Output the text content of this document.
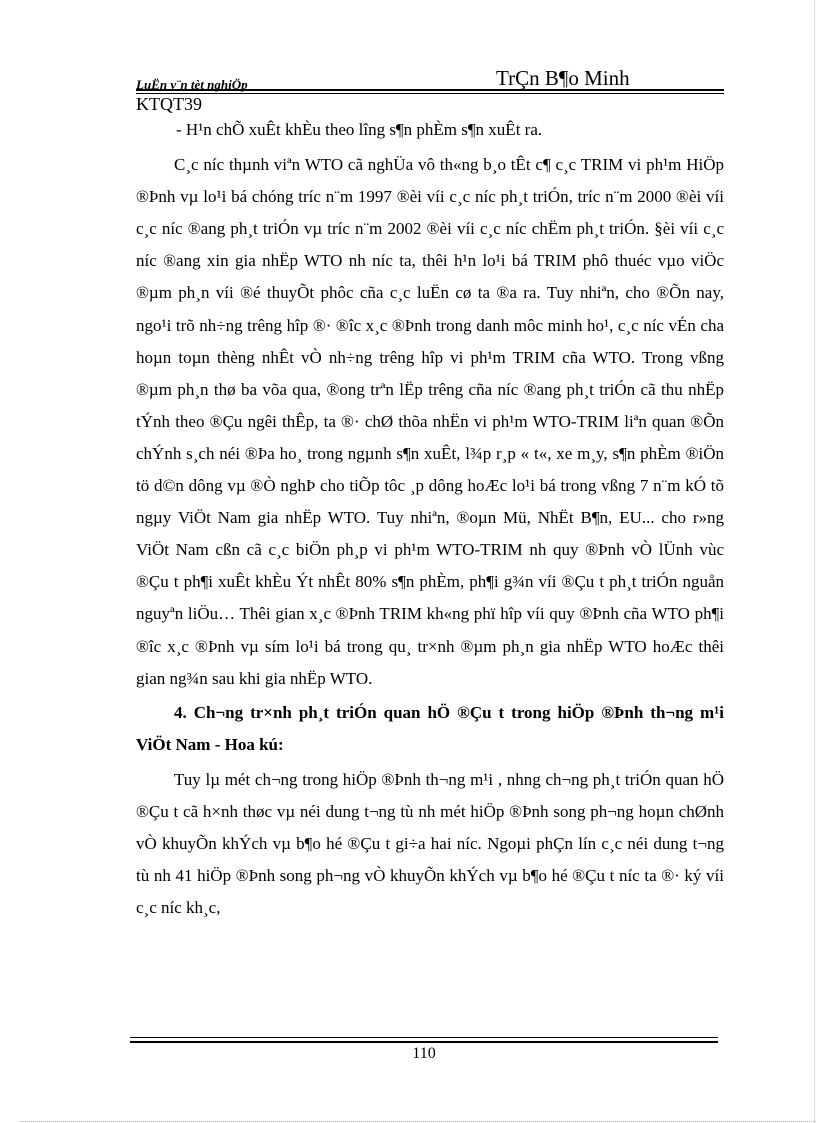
LuËn v¨n tèt nghiÖp	TrÇn B¶o Minh
KTQT39

- H¹n chÕ xuÊt khÈu theo lîng s¶n phÈm s¶n xuÊt ra.

C¸c níc thµnh viªn WTO cã nghÜa vô th«ng b¸o tÊt c¶ c¸c TRIM vi ph¹m HiÖp ®Þnh vµ lo¹i bá chóng tríc n¨m 1997 ®èi víi c¸c níc ph¸t triÓn, tríc n¨m 2000 ®èi víi c¸c níc ®ang ph¸t triÓn vµ tríc n¨m 2002 ®èi víi c¸c níc chËm ph¸t triÓn. §èi víi c¸c níc ®ang xin gia nhËp WTO nh níc ta, thêi h¹n lo¹i bá TRIM phô thuéc vµo viÖc ®µm ph¸n víi ®é thuyÕt phôc cña c¸c luËn cø ta ®a ra. Tuy nhiªn, cho ®Õn nay, ngo¹i trõ nh÷ng trêng hîp ®· ®îc x¸c ®Þnh trong danh môc minh ho¹, c¸c níc vÉn cha hoµn toµn thèng nhÊt vÒ nh÷ng trêng hîp vi ph¹m TRIM cña WTO. Trong vßng ®µm ph¸n thø ba võa qua, ®ong trªn lËp trêng cña níc ®ang ph¸t triÓn cã thu nhËp tÝnh theo ®Çu ngêi thÊp, ta ®· chØ thõa nhËn vi ph¹m WTO-TRIM liªn quan ®Õn chÝnh s¸ch néi ®Þa ho¸ trong ngµnh s¶n xuÊt, l¾p r¸p « t«, xe m¸y, s¶n phÈm ®iÖn tö d©n dông vµ ®Ò nghÞ cho tiÕp tôc ¸p dông hoÆc lo¹i bá trong vßng 7 n¨m kÓ tõ ngµy ViÖt Nam gia nhËp WTO. Tuy nhiªn, ®oµn Mü, NhËt B¶n, EU... cho r»ng ViÖt Nam cßn cã c¸c biÖn ph¸p vi ph¹m WTO-TRIM nh quy ®Þnh vÒ lÜnh vùc ®Çu t ph¶i xuÊt khÈu Ýt nhÊt 80% s¶n phÈm, ph¶i g¾n víi ®Çu t ph¸t triÓn nguån nguyªn liÖu… Thêi gian x¸c ®Þnh TRIM kh«ng phï hîp víi quy ®Þnh cña WTO ph¶i ®îc x¸c ®Þnh vµ sím lo¹i bá trong qu¸ tr×nh ®µm ph¸n gia nhËp WTO hoÆc thêi gian ng¾n sau khi gia nhËp WTO.

4. Ch¬ng tr×nh ph¸t triÓn quan hÖ ®Çu t trong hiÖp ®Þnh th¬ng m¹i ViÖt Nam - Hoa kú:

Tuy lµ mét ch¬ng trong hiÖp ®Þnh th¬ng m¹i , nhng ch¬ng ph¸t triÓn quan hÖ ®Çu t cã h×nh thøc vµ néi dung t¬ng tù nh mét hiÖp ®Þnh song ph¬ng hoµn chØnh vÒ khuyÕn khÝch vµ b¶o hé ®Çu t gi÷a hai níc. Ngoµi phÇn lín c¸c néi dung t¬ng tù nh 41 hiÖp ®Þnh song ph¬ng vÒ khuyÕn khÝch vµ b¶o hé ®Çu t níc ta ®· ký víi c¸c níc kh¸c,

110
